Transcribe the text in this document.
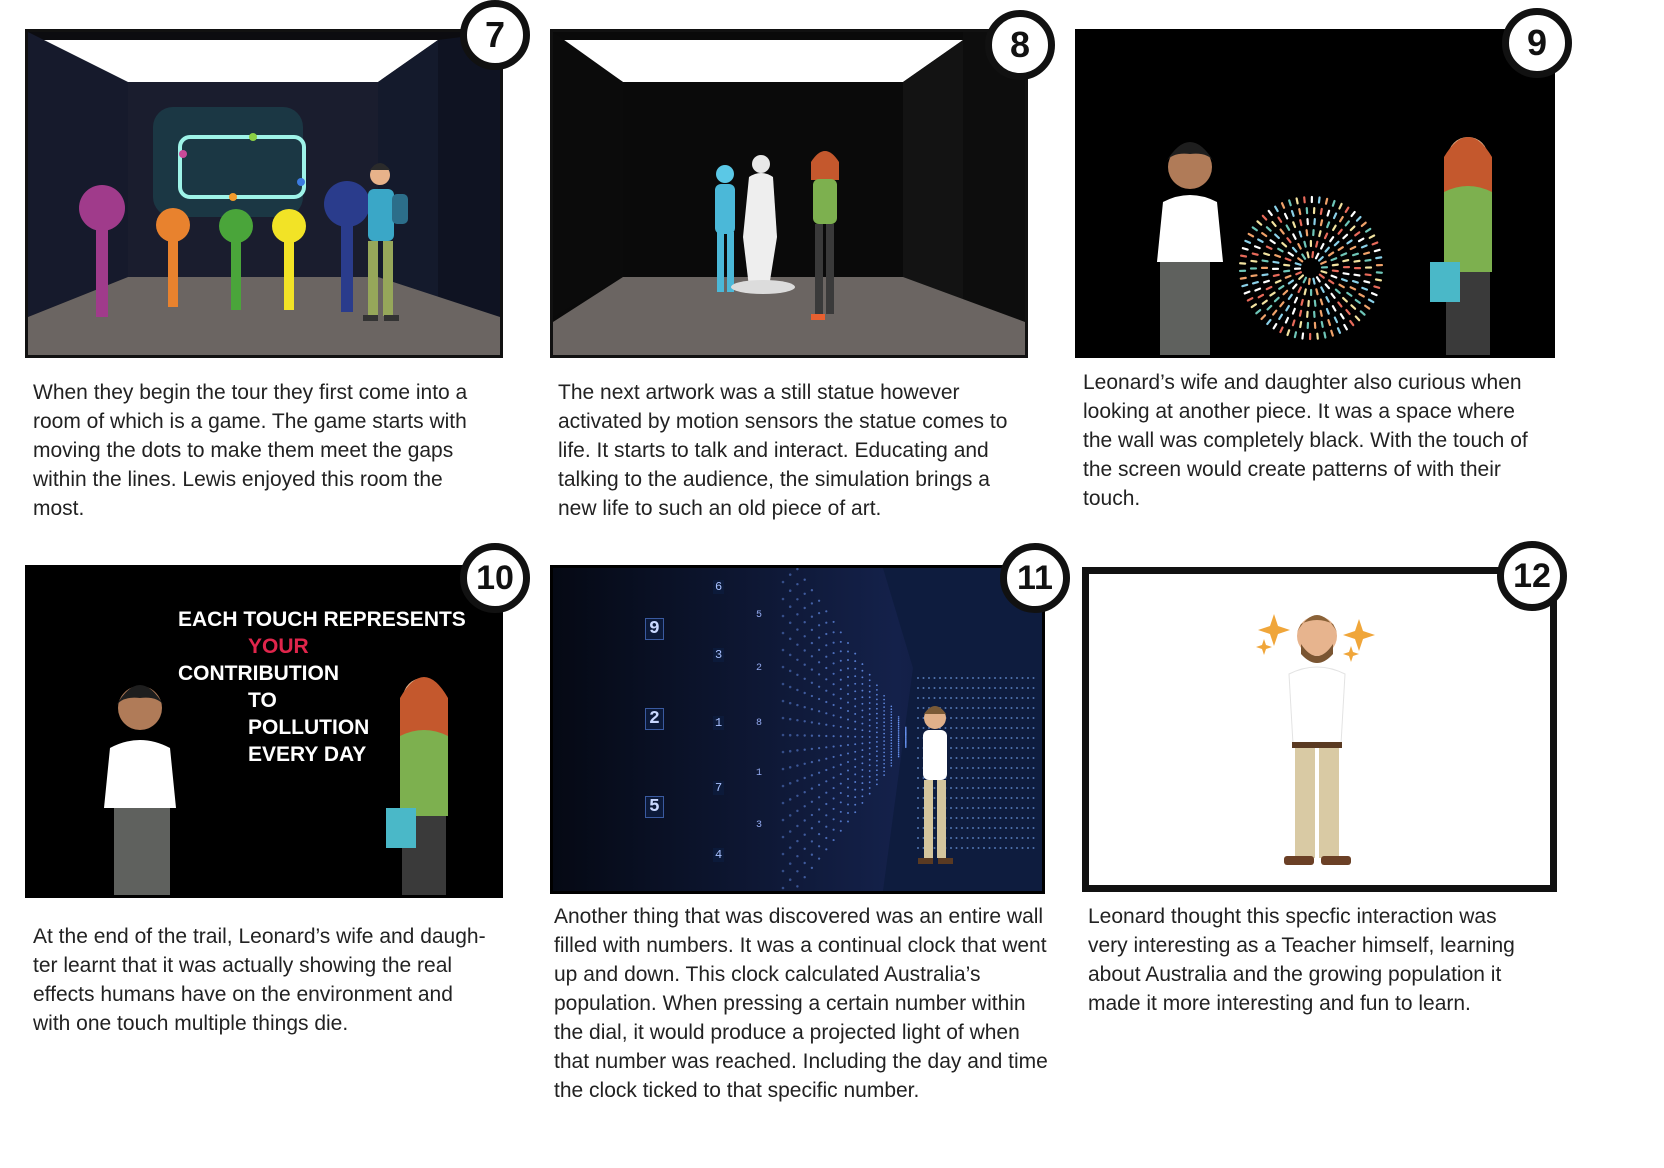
7

When they begin the tour they first come into a
room of which is a game. The game starts with
moving the dots to make them meet the gaps
within the lines. Lewis enjoyed this room the
most.

8

The next artwork was a still statue however
activated by motion sensors the statue comes to
life. It starts to talk and interact. Educating and
talking to the audience, the simulation brings a
new life to such an old piece of art.

9

Leonard’s wife and daughter also curious when
looking at another piece. It was a space where
the wall was completely black. With the touch of
the screen would create patterns of with their
touch.

EACH TOUCH REPRESENTS
YOUR
CONTRIBUTION
TO
POLLUTION
EVERY DAY
10

At the end of the trail, Leonard’s wife and daugh-
ter learnt that it was actually showing the real
effects humans have on the environment and
with one touch multiple things die.

9
2
5
6
3
1
7
4
5
2
8
1
3
11

Another thing that was discovered was an entire wall
filled with numbers. It was a continual clock that went
up and down. This clock calculated Australia’s
population. When pressing a certain number within
the dial, it would produce a projected light of when
that number was reached. Including the day and time
the clock ticked to that specific number.

12

Leonard thought this specfic interaction was
very interesting as a Teacher himself, learning
about Australia and the growing population it
made it more interesting and fun to learn.
